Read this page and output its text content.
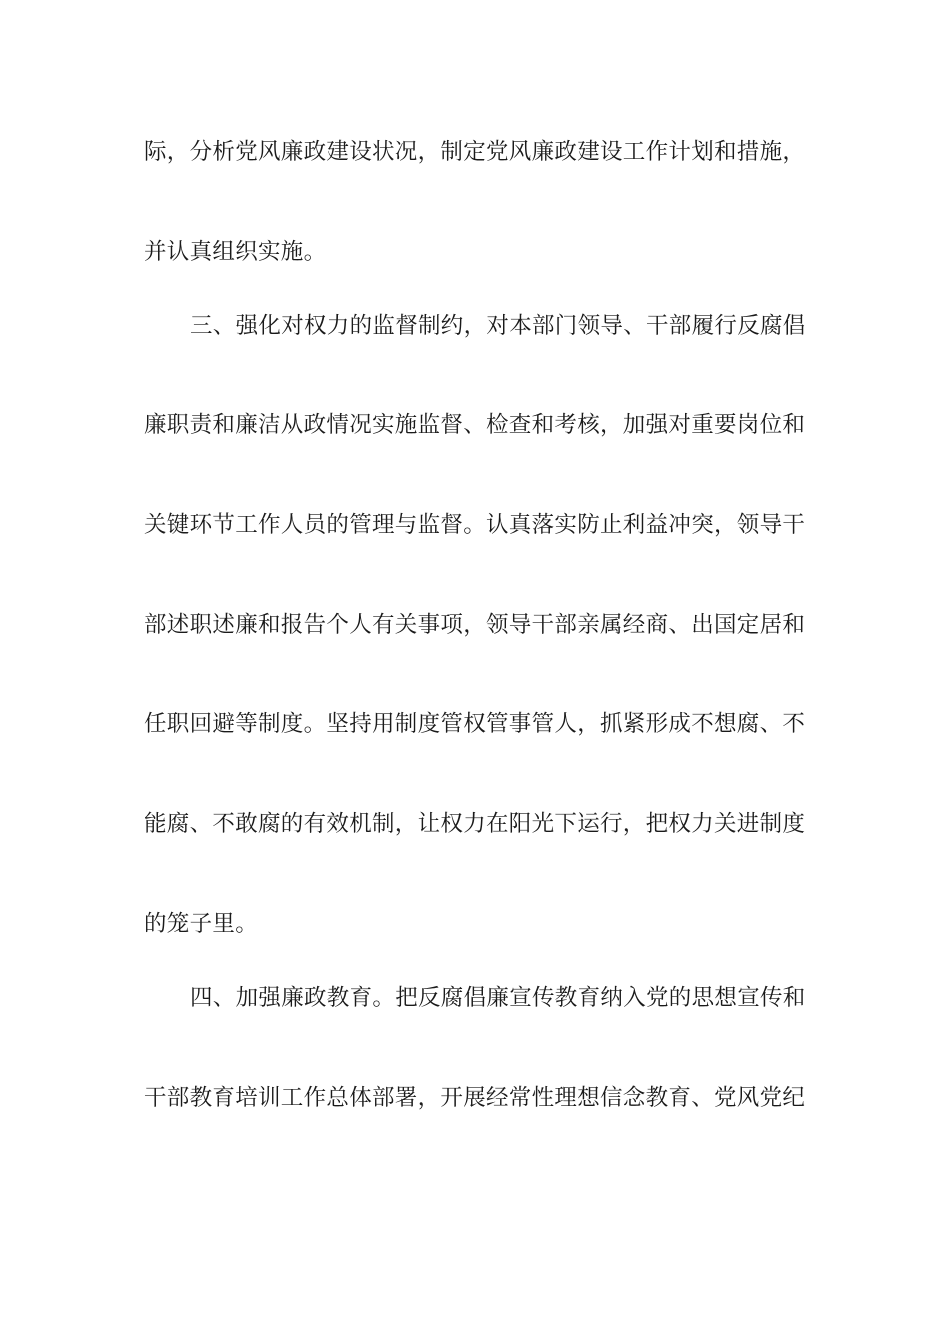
际，分析党风廉政建设状况，制定党风廉政建设工作计划和措施，
并认真组织实施。
三、强化对权力的监督制约，对本部门领导、干部履行反腐倡
廉职责和廉洁从政情况实施监督、检查和考核，加强对重要岗位和
关键环节工作人员的管理与监督。认真落实防止利益冲突，领导干
部述职述廉和报告个人有关事项，领导干部亲属经商、出国定居和
任职回避等制度。坚持用制度管权管事管人，抓紧形成不想腐、不
能腐、不敢腐的有效机制，让权力在阳光下运行，把权力关进制度
的笼子里。
四、加强廉政教育。把反腐倡廉宣传教育纳入党的思想宣传和
干部教育培训工作总体部署，开展经常性理想信念教育、党风党纪
